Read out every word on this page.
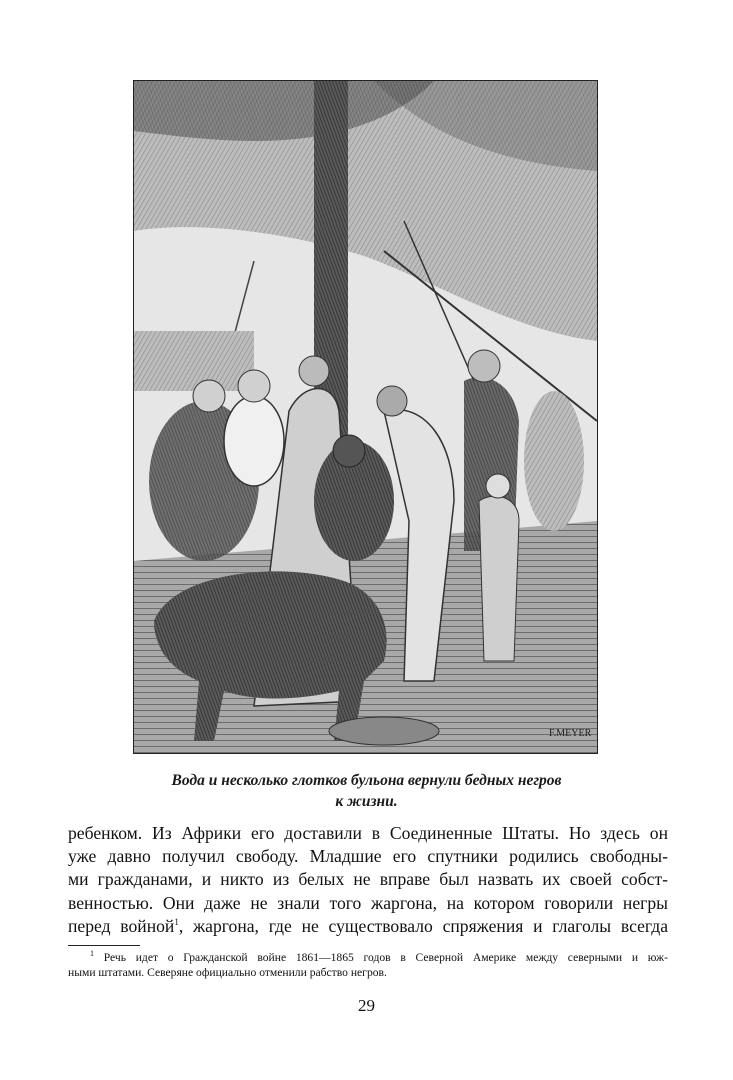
F.MEYER
Вода и несколько глотков бульона вернули бедных негров
к жизни.
ребенком. Из Африки его доставили в Соединенные Штаты. Но здесь он
уже давно получил свободу. Младшие его спутники родились свободны-
ми гражданами, и никто из белых не вправе был назвать их своей собст-
венностью. Они даже не знали того жаргона, на котором говорили негры
перед войной$^1$, жаргона, где не существовало спряжения и глаголы всегда
$^1$ Речь идет о Гражданской войне 1861—1865 годов в Северной Америке между северными и юж-
ными штатами. Северяне официально отменили рабство негров.
29
